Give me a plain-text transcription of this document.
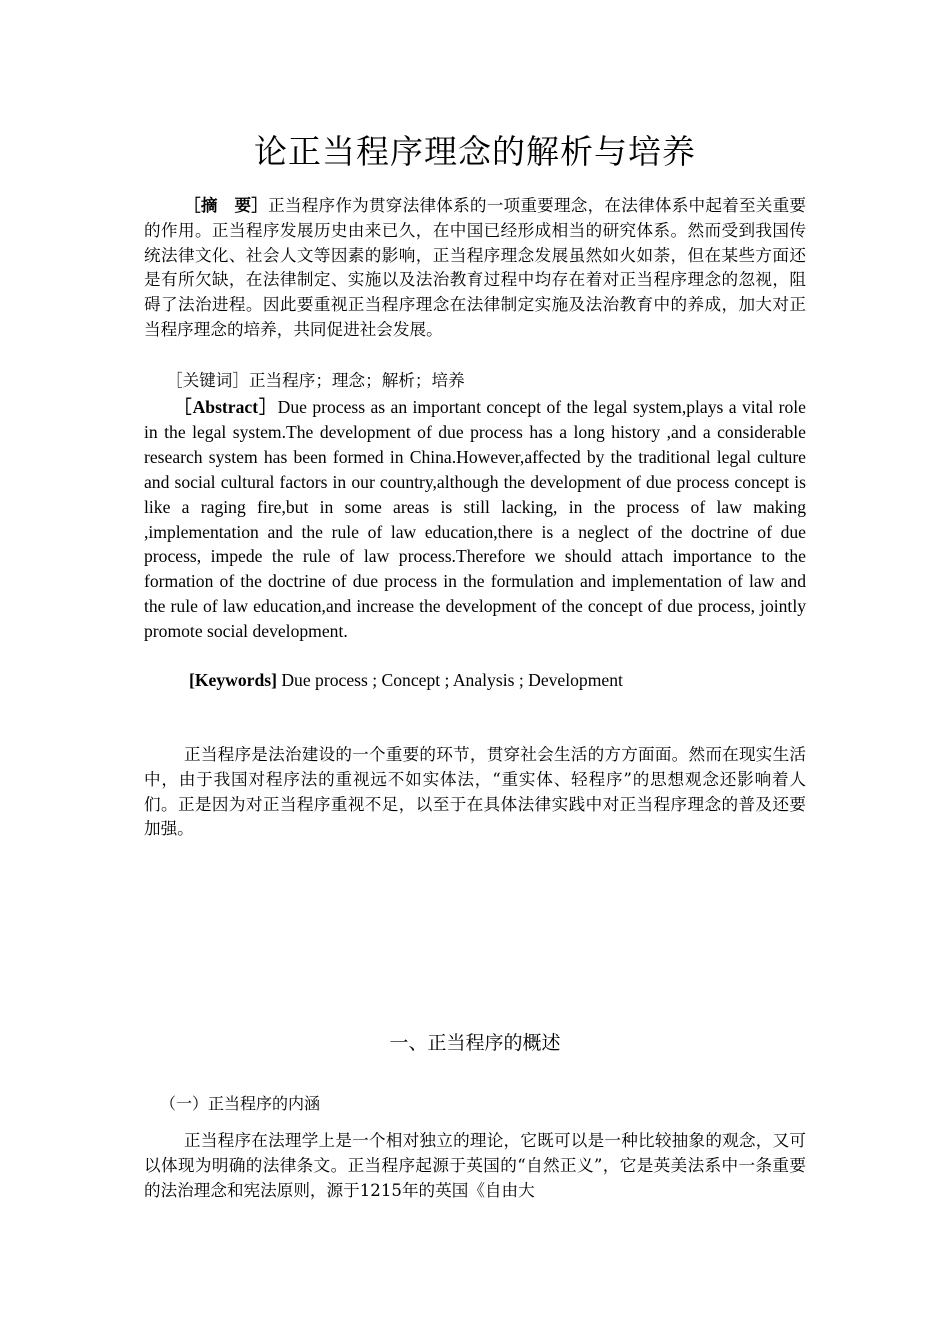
论正当程序理念的解析与培养

［摘　要］正当程序作为贯穿法律体系的一项重要理念，在法律体系中起着至关重要的作用。正当程序发展历史由来已久，在中国已经形成相当的研究体系。然而受到我国传统法律文化、社会人文等因素的影响，正当程序理念发展虽然如火如荼，但在某些方面还是有所欠缺，在法律制定、实施以及法治教育过程中均存在着对正当程序理念的忽视，阻碍了法治进程。因此要重视正当程序理念在法律制定实施及法治教育中的养成，加大对正当程序理念的培养，共同促进社会发展。

［关键词］正当程序；理念；解析；培养

［Abstract］Due process as an important concept of the legal system,plays a vital role in the legal system.The development of due process has a long history ,and a considerable research system has been formed in China.However,affected by the traditional legal culture and social cultural factors in our country,although the development of due process concept is like a raging fire,but in some areas is still lacking, in the process of law making ,implementation and the rule of law education,there is a neglect of the doctrine of due process, impede the rule of law process.Therefore we should attach importance to the formation of the doctrine of due process in the formulation and implementation of law and the rule of law education,and increase the development of the concept of due process, jointly promote social development.

[Keywords] Due process ; Concept ; Analysis ; Development

正当程序是法治建设的一个重要的环节，贯穿社会生活的方方面面。然而在现实生活中，由于我国对程序法的重视远不如实体法，“重实体、轻程序”的思想观念还影响着人们。正是因为对正当程序重视不足，以至于在具体法律实践中对正当程序理念的普及还要加强。

一、正当程序的概述
（一）正当程序的内涵

正当程序在法理学上是一个相对独立的理论，它既可以是一种比较抽象的观念，又可以体现为明确的法律条文。正当程序起源于英国的“自然正义”，它是英美法系中一条重要的法治理念和宪法原则，源于1215年的英国《自由大
